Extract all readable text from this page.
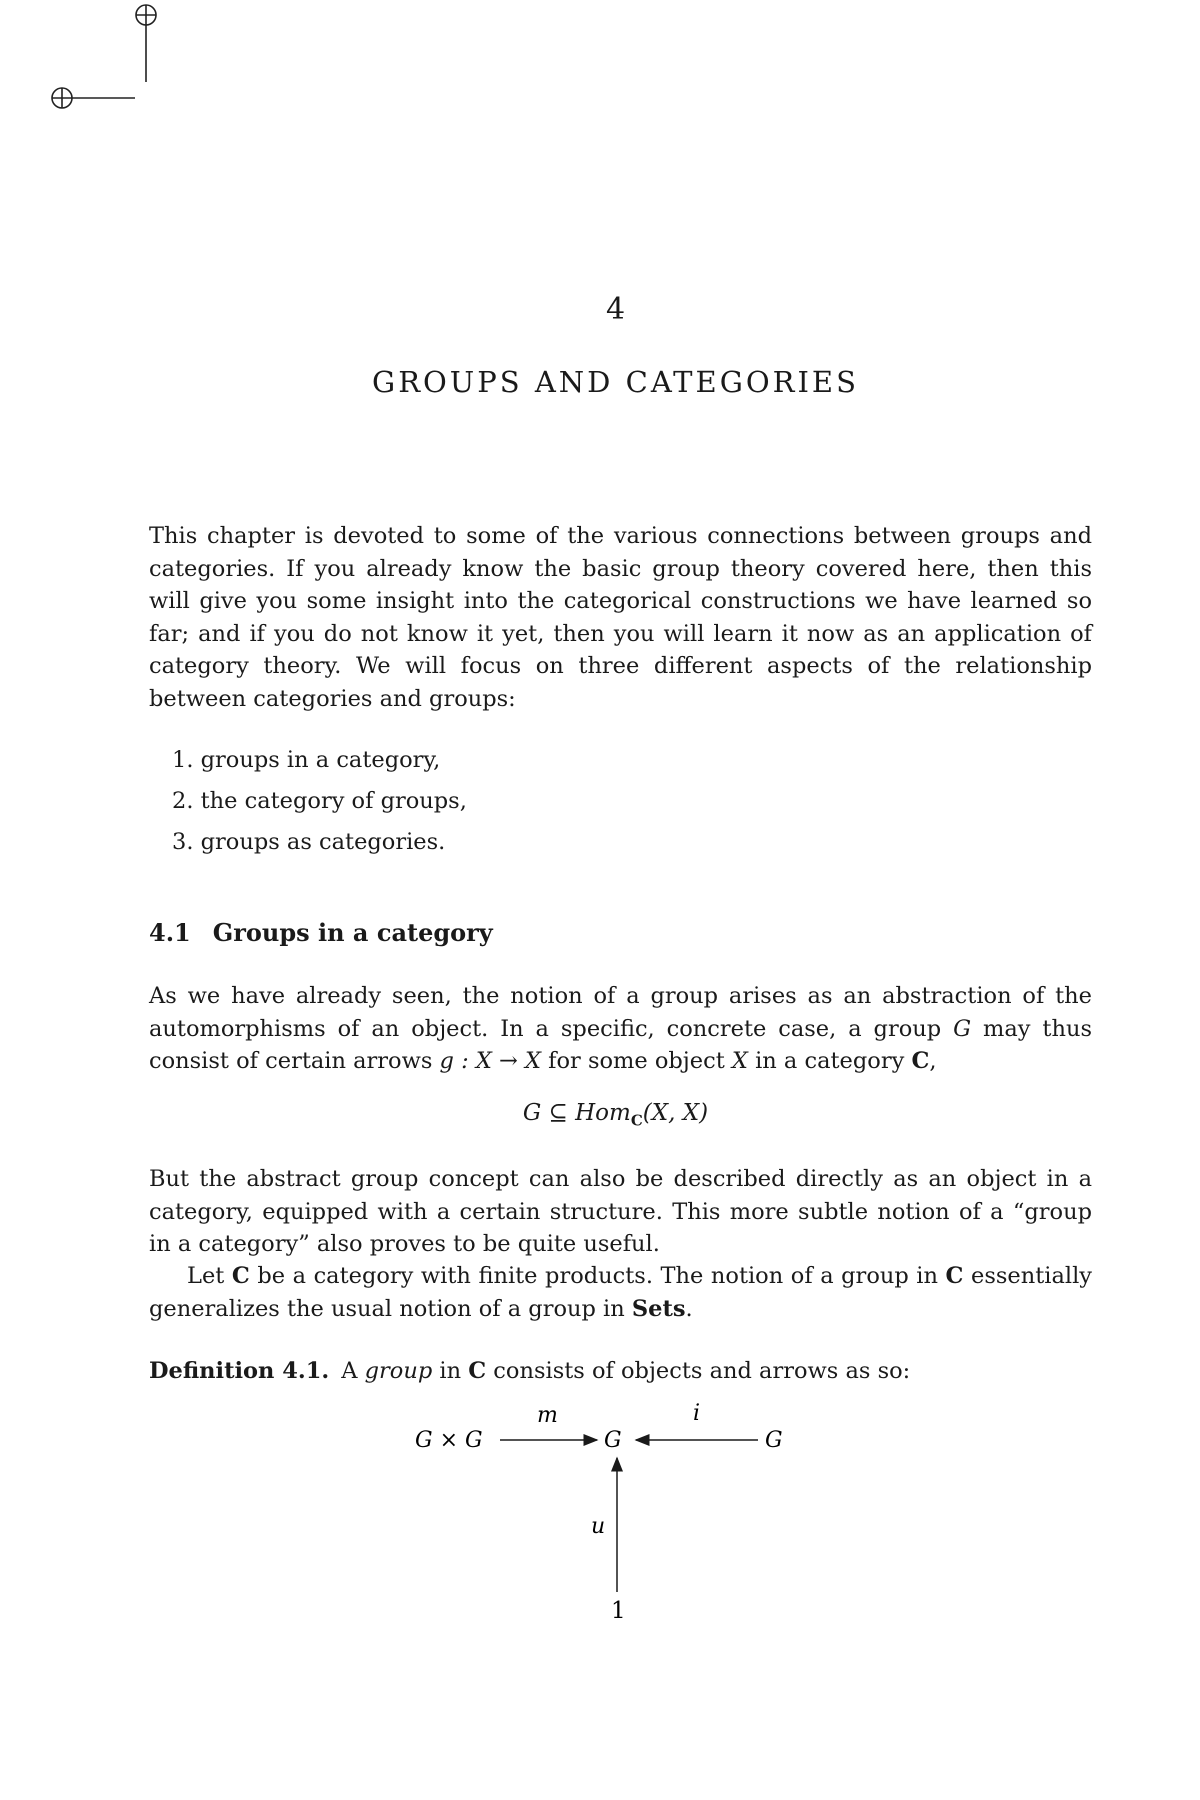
4
GROUPS AND CATEGORIES
This chapter is devoted to some of the various connections between groups and categories. If you already know the basic group theory covered here, then this will give you some insight into the categorical constructions we have learned so far; and if you do not know it yet, then you will learn it now as an application of category theory. We will focus on three different aspects of the relationship between categories and groups:
1. groups in a category,
2. the category of groups,
3. groups as categories.
4.1 Groups in a category
As we have already seen, the notion of a group arises as an abstraction of the automorphisms of an object. In a specific, concrete case, a group G may thus consist of certain arrows g : X → X for some object X in a category C,
G ⊆ Hom$_C$(X, X)
But the abstract group concept can also be described directly as an object in a category, equipped with a certain structure. This more subtle notion of a “group in a category” also proves to be quite useful.
Let C be a category with finite products. The notion of a group in C essentially generalizes the usual notion of a group in Sets.
Definition 4.1. A group in C consists of objects and arrows as so:
G × G	G	G
1
m	i
u
